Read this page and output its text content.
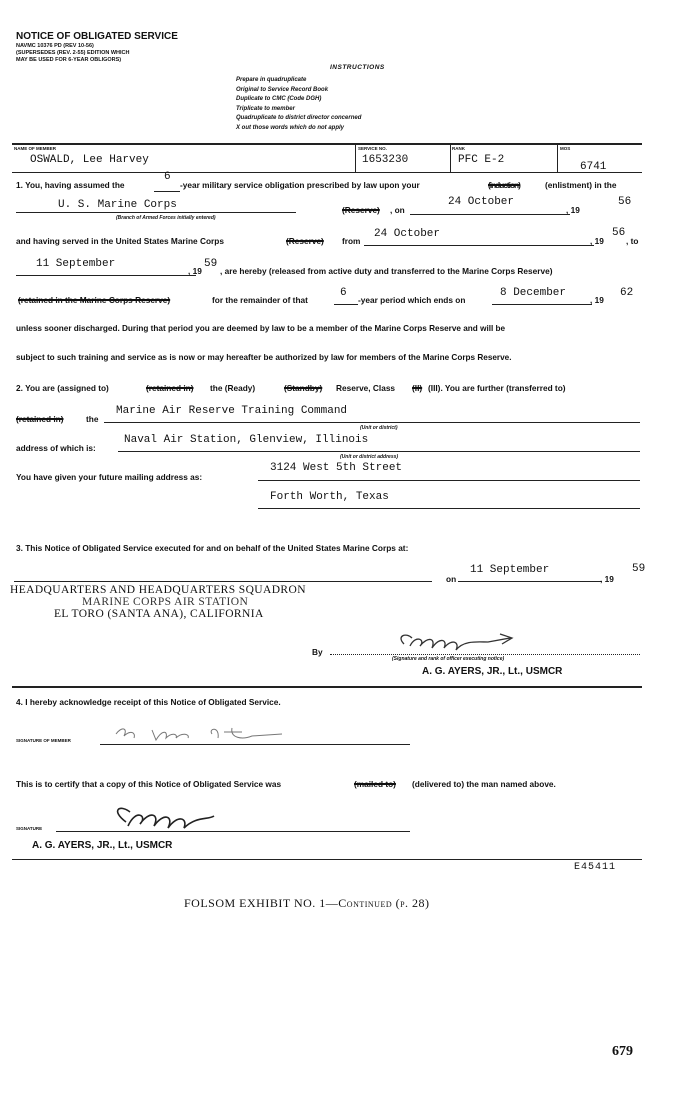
NOTICE OF OBLIGATED SERVICE
NAVMC 10376 PD (REV 10-56)
(SUPERSEDES (REV. 2-55) EDITION WHICH
MAY BE USED FOR 6-YEAR OBLIGORS)
INSTRUCTIONS
Prepare in quadruplicate
Original to Service Record Book
Duplicate to CMC (Code DGH)
Triplicate to member
Quadruplicate to district director concerned
X out those words which do not apply
NAME OF MEMBER
OSWALD, Lee Harvey
SERVICE NO.
1653230
RANK
PFC E-2
MOS
6741
1. You, having assumed the
6
-year military service obligation prescribed by law upon your	(induction)	(enlistment) in the
U. S. Marine Corps
(Branch of Armed Forces initially entered)
(Reserve) , on
24 October
, 19
56
and having served in the United States Marine Corps	(Reserve) from
24 October
, 19
56
, to
11 September
, 19
59
, are hereby (released from active duty and transferred to the Marine Corps Reserve)
(retained in the Marine Corps Reserve)	for the remainder of that
6
-year period which ends on
8 December
, 19
62
unless sooner discharged. During that period you are deemed by law to be a member of the Marine Corps Reserve and will be
subject to such training and service as is now or may hereafter be authorized by law for members of the Marine Corps Reserve.
2. You are (assigned to)	(retained in) the (Ready)	(Standby) Reserve, Class (II) (III). You are further (transferred to)
(retained in)	the
Marine Air Reserve Training Command
(Unit or district)
address of which is:
Naval Air Station, Glenview, Illinois
(Unit or district address)
You have given your future mailing address as:
3124 West 5th Street
Forth Worth, Texas
3. This Notice of Obligated Service executed for and on behalf of the United States Marine Corps at:
11 September
on	, 19
59
HEADQUARTERS AND HEADQUARTERS SQUADRON
MARINE CORPS AIR STATION
EL TORO (SANTA ANA), CALIFORNIA
By
(Signature and rank of officer executing notice)
A. G. AYERS, JR., Lt., USMCR
4. I hereby acknowledge receipt of this Notice of Obligated Service.
SIGNATURE OF MEMBER
This is to certify that a copy of this Notice of Obligated Service was	(mailed to) (delivered to) the man named above.
SIGNATURE
A. G. AYERS, JR., Lt., USMCR
E45411
FOLSOM EXHIBIT NO. 1—Continued (p. 28)
679
